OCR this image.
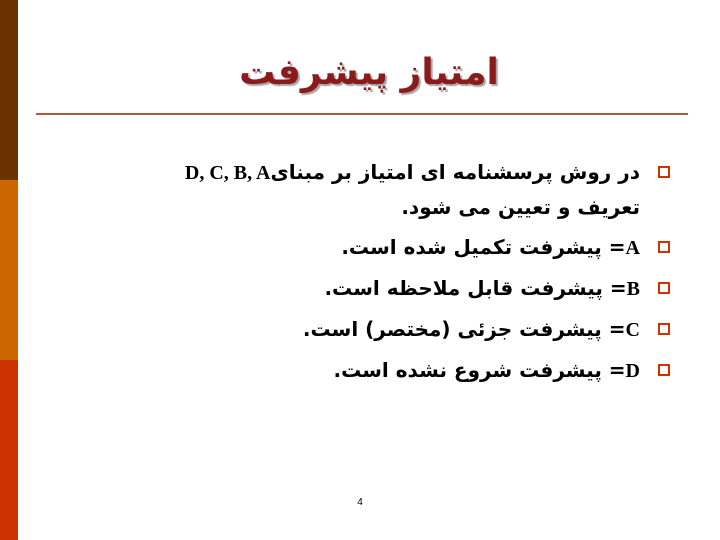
امتیاز پیشرفت
در روش پرسشنامه ای امتیاز بر مبنایD, C, B, A
تعریف و تعیین می شود.
A= پیشرفت تکمیل شده است.
B= پیشرفت قابل ملاحظه است.
C= پیشرفت جزئی (مختصر) است.
D= پیشرفت شروع نشده است.
4
